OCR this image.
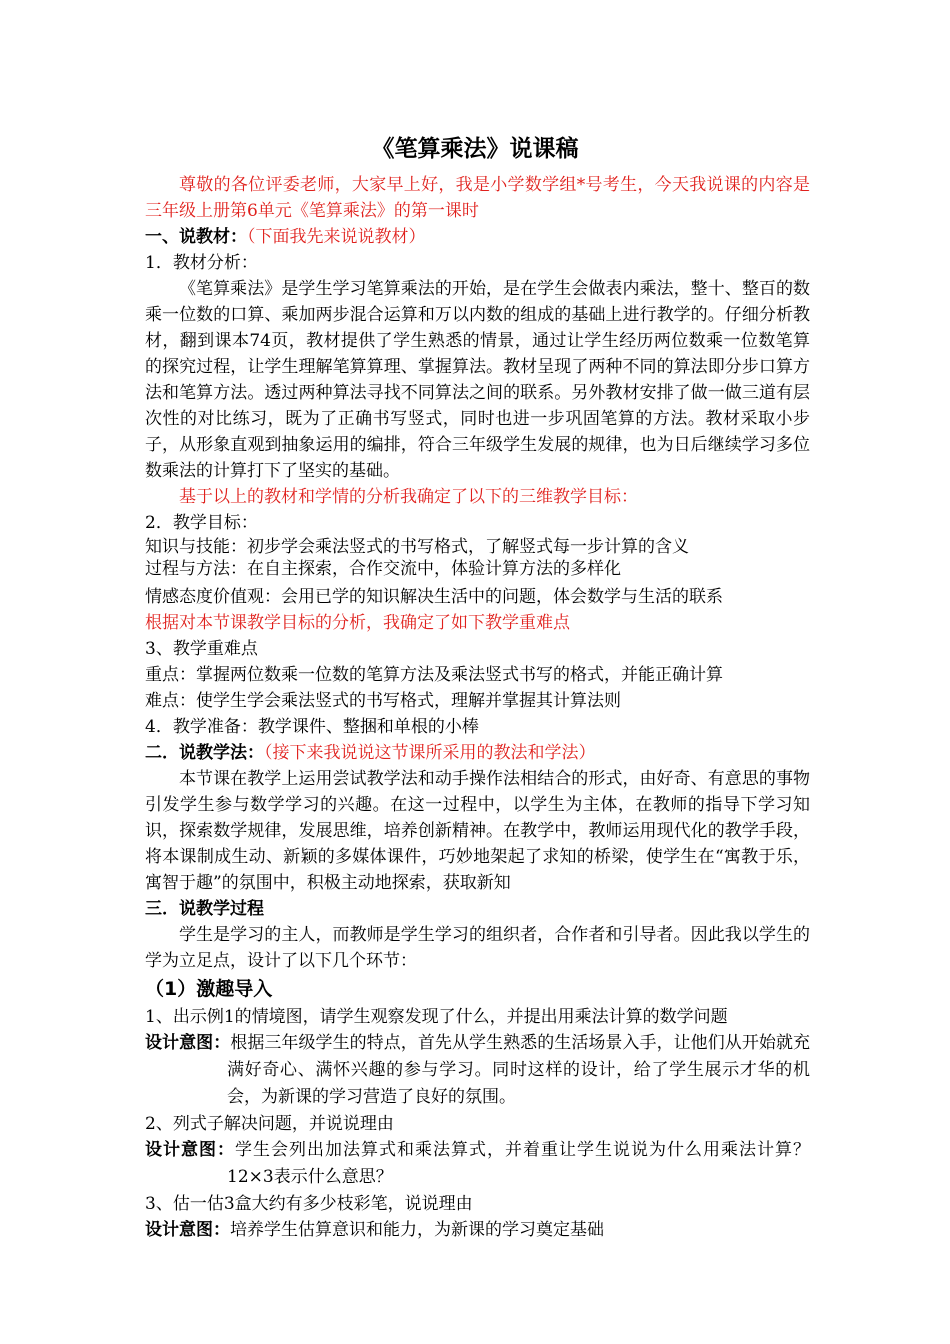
《笔算乘法》说课稿

尊敬的各位评委老师，大家早上好，我是小学数学组*号考生，今天我说课的内容是三年级上册第6单元《笔算乘法》的第一课时

一、说教材：（下面我先来说说教材）

1．教材分析：

《笔算乘法》是学生学习笔算乘法的开始，是在学生会做表内乘法，整十、整百的数乘一位数的口算、乘加两步混合运算和万以内数的组成的基础上进行教学的。仔细分析教材，翻到课本74页，教材提供了学生熟悉的情景，通过让学生经历两位数乘一位数笔算的探究过程，让学生理解笔算算理、掌握算法。教材呈现了两种不同的算法即分步口算方法和笔算方法。透过两种算法寻找不同算法之间的联系。另外教材安排了做一做三道有层次性的对比练习，既为了正确书写竖式，同时也进一步巩固笔算的方法。教材采取小步子，从形象直观到抽象运用的编排，符合三年级学生发展的规律，也为日后继续学习多位数乘法的计算打下了坚实的基础。

基于以上的教材和学情的分析我确定了以下的三维教学目标：

2．教学目标：

知识与技能：初步学会乘法竖式的书写格式，了解竖式每一步计算的含义

过程与方法：在自主探索，合作交流中，体验计算方法的多样化

情感态度价值观：会用已学的知识解决生活中的问题，体会数学与生活的联系

根据对本节课教学目标的分析，我确定了如下教学重难点

3、教学重难点

重点：掌握两位数乘一位数的笔算方法及乘法竖式书写的格式，并能正确计算

难点：使学生学会乘法竖式的书写格式，理解并掌握其计算法则

4．教学准备：教学课件、整捆和单根的小棒

二．说教学法：（接下来我说说这节课所采用的教法和学法）

本节课在教学上运用尝试教学法和动手操作法相结合的形式，由好奇、有意思的事物引发学生参与数学学习的兴趣。在这一过程中，以学生为主体，在教师的指导下学习知识，探索数学规律，发展思维，培养创新精神。在教学中，教师运用现代化的教学手段，将本课制成生动、新颖的多媒体课件，巧妙地架起了求知的桥梁，使学生在“寓教于乐，寓智于趣”的氛围中，积极主动地探索，获取新知

三．说教学过程

学生是学习的主人，而教师是学生学习的组织者，合作者和引导者。因此我以学生的学为立足点，设计了以下几个环节：

（1）激趣导入

1、出示例1的情境图，请学生观察发现了什么，并提出用乘法计算的数学问题

设计意图：根据三年级学生的特点，首先从学生熟悉的生活场景入手，让他们从开始就充满好奇心、满怀兴趣的参与学习。同时这样的设计，给了学生展示才华的机会，为新课的学习营造了良好的氛围。

2、列式子解决问题，并说说理由

设计意图：学生会列出加法算式和乘法算式，并着重让学生说说为什么用乘法计算？12×3表示什么意思？

3、估一估3盒大约有多少枝彩笔，说说理由

设计意图：培养学生估算意识和能力，为新课的学习奠定基础
